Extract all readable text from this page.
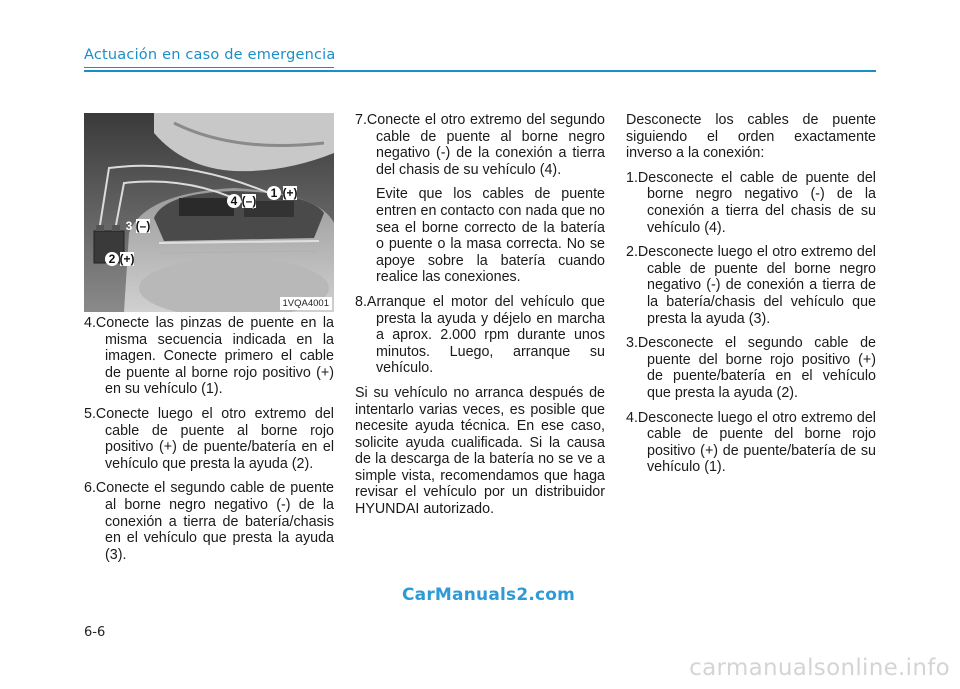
Actuación en caso de emergencia
1 (+)
2 (+)
3 (–)
4 (–)
1VQA4001

4.Conecte las pinzas de puente en la misma secuencia indicada en la imagen. Conecte primero el cable de puente al borne rojo positivo (+) en su vehículo (1).

5.Conecte luego el otro extremo del cable de puente al borne rojo positivo (+) de puente/batería en el vehículo que presta la ayuda (2).

6.Conecte el segundo cable de puente al borne negro negativo (-) de la conexión a tierra de batería/chasis en el vehículo que presta la ayuda (3).

7.Conecte el otro extremo del segundo cable de puente al borne negro negativo (-) de la conexión a tierra del chasis de su vehículo (4).

Evite que los cables de puente entren en contacto con nada que no sea el borne correcto de la batería o puente o la masa correcta. No se apoye sobre la batería cuando realice las conexiones.

8.Arranque el motor del vehículo que presta la ayuda y déjelo en marcha a aprox. 2.000 rpm durante unos minutos. Luego, arranque su vehículo.

Si su vehículo no arranca después de intentarlo varias veces, es posible que necesite ayuda técnica. En ese caso, solicite ayuda cualificada. Si la causa de la descarga de la batería no se ve a simple vista, recomendamos que haga revisar el vehículo por un distribuidor HYUNDAI autorizado.

Desconecte los cables de puente siguiendo el orden exactamente inverso a la conexión:

1.Desconecte el cable de puente del borne negro negativo (-) de la conexión a tierra del chasis de su vehículo (4).

2.Desconecte luego el otro extremo del cable de puente del borne negro negativo (-) de conexión a tierra de la batería/chasis del vehículo que presta la ayuda (3).

3.Desconecte el segundo cable de puente del borne rojo positivo (+) de puente/batería en el vehículo que presta la ayuda (2).

4.Desconecte luego el otro extremo del cable de puente del borne rojo positivo (+) de puente/batería de su vehículo (1).

CarManuals2.com
6-6
carmanualsonline.info
